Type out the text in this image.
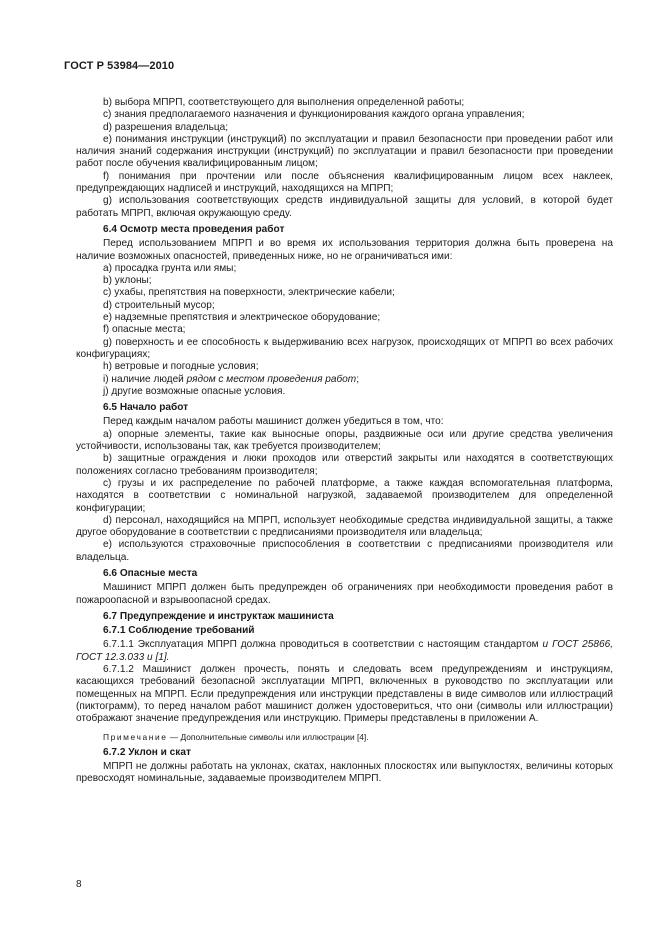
ГОСТ Р 53984—2010

b) выбора МПРП, соответствующего для выполнения определенной работы;

c) знания предполагаемого назначения и функционирования каждого органа управления;

d) разрешения владельца;

e) понимания инструкции (инструкций) по эксплуатации и правил безопасности при проведении работ или наличия знаний содержания инструкции (инструкций) по эксплуатации и правил безопасности при проведении работ после обучения квалифицированным лицом;

f) понимания при прочтении или после объяснения квалифицированным лицом всех наклеек, предупреждающих надписей и инструкций, находящихся на МПРП;

g) использования соответствующих средств индивидуальной защиты для условий, в которой будет работать МПРП, включая окружающую среду.

6.4 Осмотр места проведения работ

Перед использованием МПРП и во время их использования территория должна быть проверена на наличие возможных опасностей, приведенных ниже, но не ограничиваться ими:

a) просадка грунта или ямы;

b) уклоны;

c) ухабы, препятствия на поверхности, электрические кабели;

d) строительный мусор;

e) надземные препятствия и электрическое оборудование;

f) опасные места;

g) поверхность и ее способность к выдерживанию всех нагрузок, происходящих от МПРП во всех рабочих конфигурациях;

h) ветровые и погодные условия;

i) наличие людей рядом с местом проведения работ;

j) другие возможные опасные условия.

6.5 Начало работ

Перед каждым началом работы машинист должен убедиться в том, что:

a) опорные элементы, такие как выносные опоры, раздвижные оси или другие средства увеличения устойчивости, использованы так, как требуется производителем;

b) защитные ограждения и люки проходов или отверстий закрыты или находятся в соответствующих положениях согласно требованиям производителя;

c) грузы и их распределение по рабочей платформе, а также каждая вспомогательная платформа, находятся в соответствии с номинальной нагрузкой, задаваемой производителем для определенной конфигурации;

d) персонал, находящийся на МПРП, использует необходимые средства индивидуальной защиты, а также другое оборудование в соответствии с предписаниями производителя или владельца;

e) используются страховочные приспособления в соответствии с предписаниями производителя или владельца.

6.6 Опасные места

Машинист МПРП должен быть предупрежден об ограничениях при необходимости проведения работ в пожароопасной и взрывоопасной средах.

6.7 Предупреждение и инструктаж машиниста

6.7.1 Соблюдение требований

6.7.1.1 Эксплуатация МПРП должна проводиться в соответствии с настоящим стандартом и ГОСТ 25866, ГОСТ 12.3.033 и [1].

6.7.1.2 Машинист должен прочесть, понять и следовать всем предупреждениям и инструкциям, касающихся требований безопасной эксплуатации МПРП, включенных в руководство по эксплуатации или помещенных на МПРП. Если предупреждения или инструкции представлены в виде символов или иллюстраций (пиктограмм), то перед началом работ машинист должен удостовериться, что они (символы или иллюстрации) отображают значение предупреждения или инструкцию. Примеры представлены в приложении А.

Примечание — Дополнительные символы или иллюстрации [4].

6.7.2 Уклон и скат

МПРП не должны работать на уклонах, скатах, наклонных плоскостях или выпуклостях, величины которых превосходят номинальные, задаваемые производителем МПРП.

8
